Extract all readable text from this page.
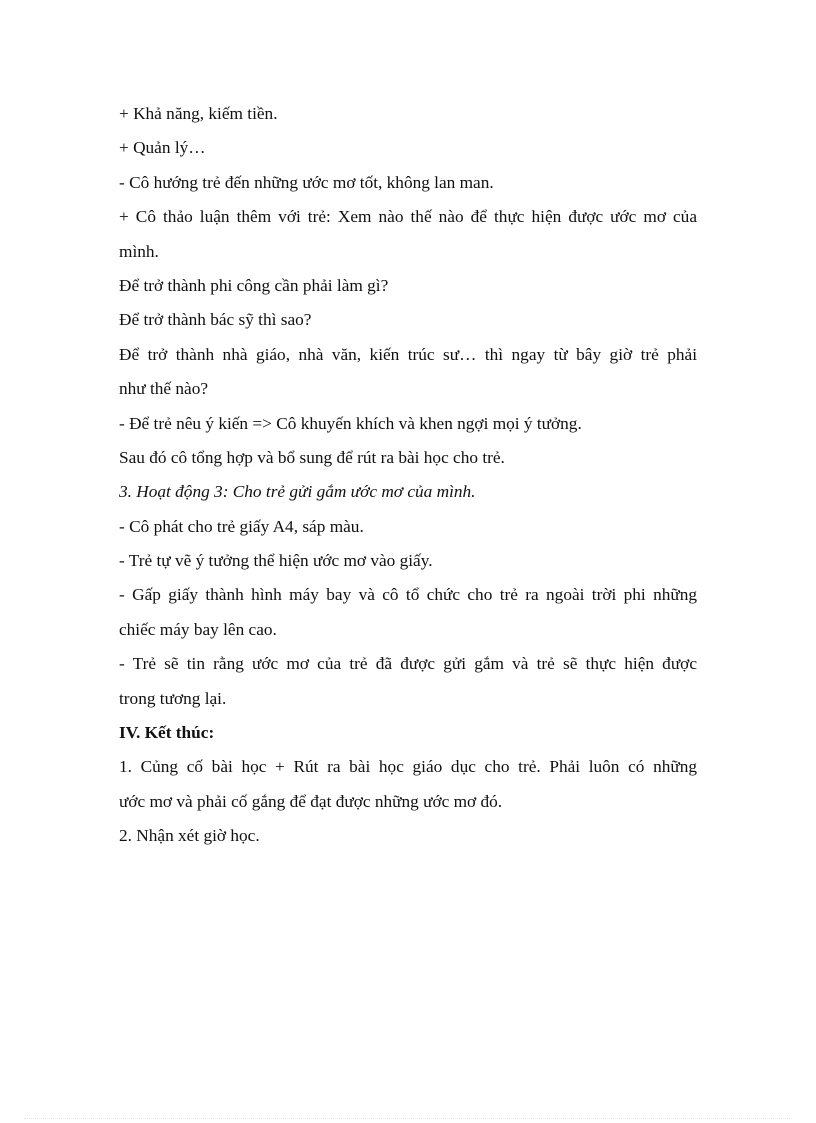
+ Khả năng, kiếm tiền.
+ Quản lý…
- Cô hướng trẻ đến những ước mơ tốt, không lan man.
+ Cô thảo luận thêm với trẻ: Xem nào thế nào để thực hiện được ước mơ của
mình.
Để trở thành phi công cần phải làm gì?
Để trở thành bác sỹ thì sao?
Để trở thành nhà giáo, nhà văn, kiến trúc sư… thì ngay từ bây giờ trẻ phải
như thế nào?
- Để trẻ nêu ý kiến => Cô khuyến khích và khen ngợi mọi ý tưởng.
Sau đó cô tổng hợp và bổ sung để rút ra bài học cho trẻ.
3. Hoạt động 3: Cho trẻ gửi gắm ước mơ của mình.
- Cô phát cho trẻ giấy A4, sáp màu.
- Trẻ tự vẽ ý tưởng thể hiện ước mơ vào giấy.
- Gấp giấy thành hình máy bay và cô tổ chức cho trẻ ra ngoài trời phi những
chiếc máy bay lên cao.
- Trẻ sẽ tin rằng ước mơ của trẻ đã được gửi gắm và trẻ sẽ thực hiện được
trong tương lại.
IV. Kết thúc:
1. Củng cố bài học + Rút ra bài học giáo dục cho trẻ. Phải luôn có những
ước mơ và phải cố gắng để đạt được những ước mơ đó.
2. Nhận xét giờ học.
